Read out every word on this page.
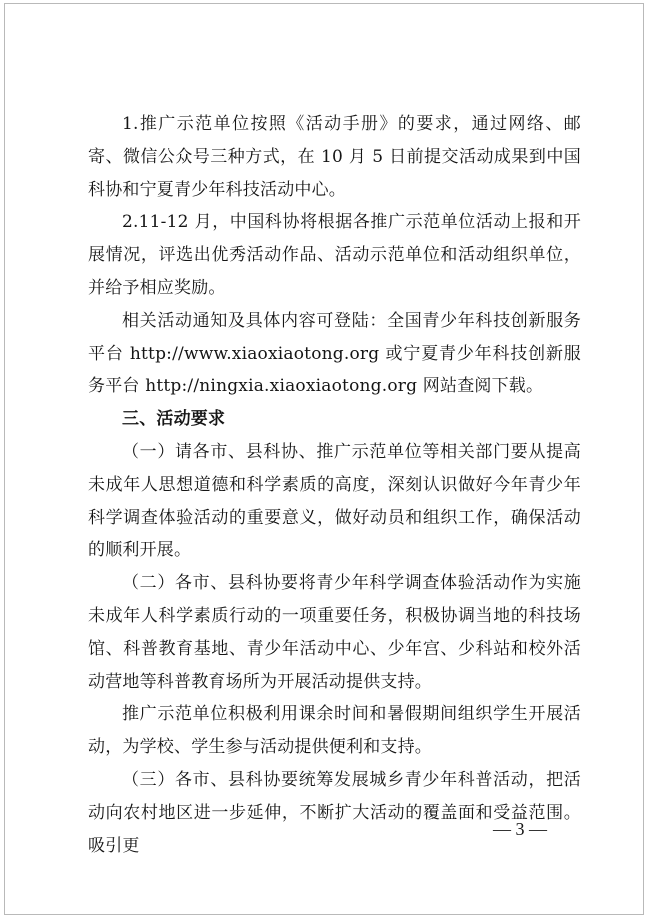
1.推广示范单位按照《活动手册》的要求，通过网络、邮寄、微信公众号三种方式，在 10 月 5 日前提交活动成果到中国科协和宁夏青少年科技活动中心。

2.11-12 月，中国科协将根据各推广示范单位活动上报和开展情况，评选出优秀活动作品、活动示范单位和活动组织单位，并给予相应奖励。

相关活动通知及具体内容可登陆：全国青少年科技创新服务平台 http://www.xiaoxiaotong.org 或宁夏青少年科技创新服务平台 http://ningxia.xiaoxiaotong.org 网站查阅下载。

三、活动要求

（一）请各市、县科协、推广示范单位等相关部门要从提高未成年人思想道德和科学素质的高度，深刻认识做好今年青少年科学调查体验活动的重要意义，做好动员和组织工作，确保活动的顺利开展。

（二）各市、县科协要将青少年科学调查体验活动作为实施未成年人科学素质行动的一项重要任务，积极协调当地的科技场馆、科普教育基地、青少年活动中心、少年宫、少科站和校外活动营地等科普教育场所为开展活动提供支持。

推广示范单位积极利用课余时间和暑假期间组织学生开展活动，为学校、学生参与活动提供便利和支持。

（三）各市、县科协要统筹发展城乡青少年科普活动，把活动向农村地区进一步延伸，不断扩大活动的覆盖面和受益范围。吸引更

— 3 —
